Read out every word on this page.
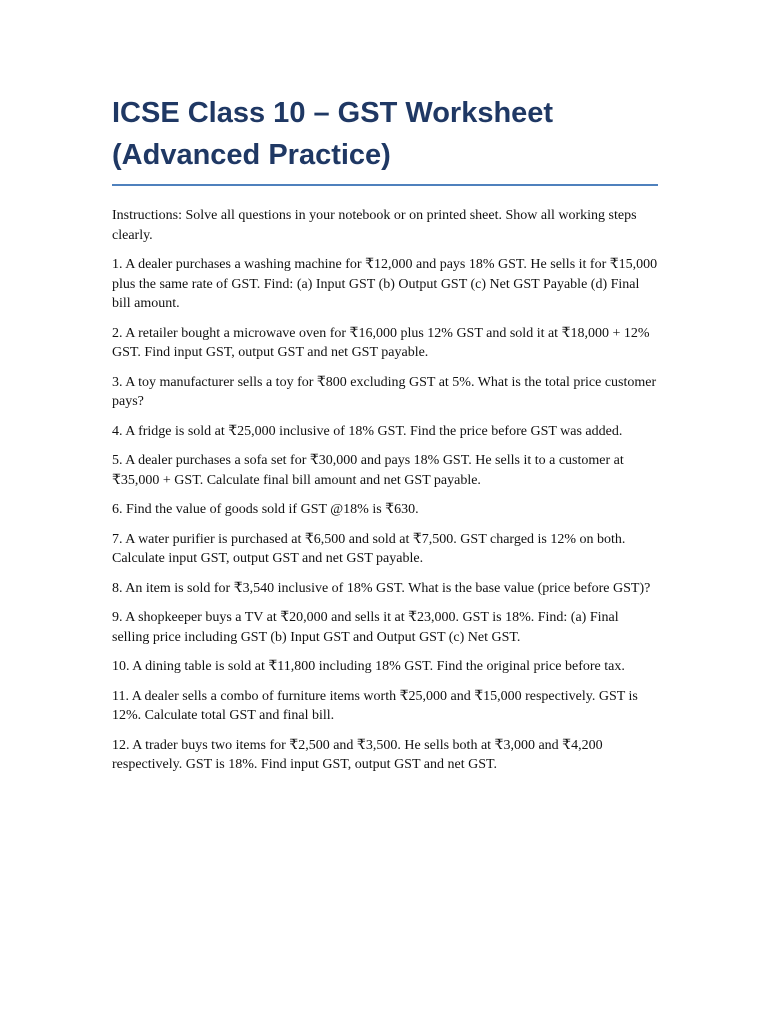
ICSE Class 10 – GST Worksheet
(Advanced Practice)

Instructions: Solve all questions in your notebook or on printed sheet. Show all working steps clearly.

1. A dealer purchases a washing machine for ₹12,000 and pays 18% GST. He sells it for ₹15,000 plus the same rate of GST. Find: (a) Input GST (b) Output GST (c) Net GST Payable (d) Final bill amount.

2. A retailer bought a microwave oven for ₹16,000 plus 12% GST and sold it at ₹18,000 + 12% GST. Find input GST, output GST and net GST payable.

3. A toy manufacturer sells a toy for ₹800 excluding GST at 5%. What is the total price customer pays?

4. A fridge is sold at ₹25,000 inclusive of 18% GST. Find the price before GST was added.

5. A dealer purchases a sofa set for ₹30,000 and pays 18% GST. He sells it to a customer at ₹35,000 + GST. Calculate final bill amount and net GST payable.

6. Find the value of goods sold if GST @18% is ₹630.

7. A water purifier is purchased at ₹6,500 and sold at ₹7,500. GST charged is 12% on both. Calculate input GST, output GST and net GST payable.

8. An item is sold for ₹3,540 inclusive of 18% GST. What is the base value (price before GST)?

9. A shopkeeper buys a TV at ₹20,000 and sells it at ₹23,000. GST is 18%. Find: (a) Final selling price including GST (b) Input GST and Output GST (c) Net GST.

10. A dining table is sold at ₹11,800 including 18% GST. Find the original price before tax.

11. A dealer sells a combo of furniture items worth ₹25,000 and ₹15,000 respectively. GST is 12%. Calculate total GST and final bill.

12. A trader buys two items for ₹2,500 and ₹3,500. He sells both at ₹3,000 and ₹4,200 respectively. GST is 18%. Find input GST, output GST and net GST.
